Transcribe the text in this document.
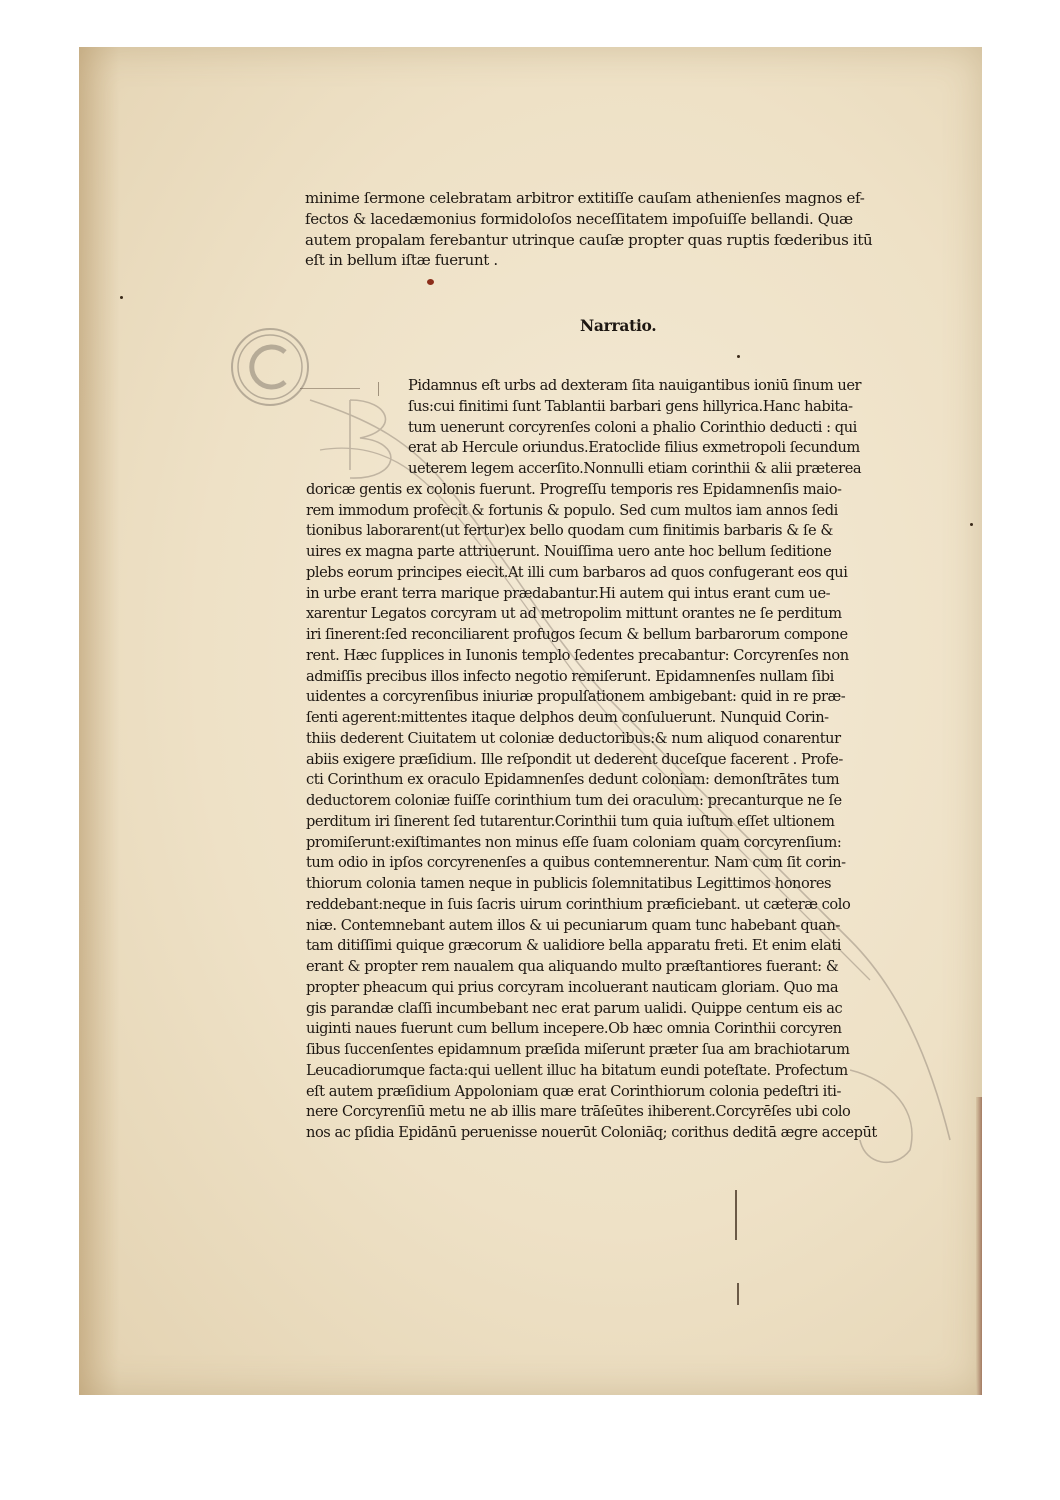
minime ſermone celebratam arbitror extitiſſe cauſam athenienſes magnos ef-

fectos & lacedæmonius formidoloſos neceſſitatem impoſuiſſe bellandi. Quæ

autem propalam ferebantur utrinque cauſæ propter quas ruptis fœderibus itū

eſt in bellum iſtæ fuerunt .

Narratio.

Pidamnus eſt urbs ad dexteram ſita nauigantibus ioniū ſinum uer

ſus:cui finitimi ſunt Tablantii barbari gens hillyrica.Hanc habita-

tum uenerunt corcyrenſes coloni a phalio Corinthio deducti : qui

erat ab Hercule oriundus.Eratoclide filius exmetropoli ſecundum

ueterem legem accerſito.Nonnulli etiam corinthii & alii præterea

doricæ gentis ex colonis fuerunt. Progreſſu temporis res Epidamnenſis maio-

rem immodum profecit & fortunis & populo. Sed cum multos iam annos ſedi

tionibus laborarent(ut fertur)ex bello quodam cum finitimis barbaris & ſe &

uires ex magna parte attriuerunt. Nouiſſima uero ante hoc bellum ſeditione

plebs eorum principes eiecit.At illi cum barbaros ad quos confugerant eos qui

in urbe erant terra marique prædabantur.Hi autem qui intus erant cum ue-

xarentur Legatos corcyram ut ad metropolim mittunt orantes ne ſe perditum

iri ſinerent:ſed reconciliarent profugos ſecum & bellum barbarorum compone

rent. Hæc ſupplices in Iunonis templo ſedentes precabantur: Corcyrenſes non

admiſſis precibus illos infecto negotio remiſerunt. Epidamnenſes nullam ſibi

uidentes a corcyrenſibus iniuriæ propulſationem ambigebant: quid in re præ-

ſenti agerent:mittentes itaque delphos deum conſuluerunt. Nunquid Corin-

thiis dederent Ciuitatem ut coloniæ deductoribus:& num aliquod conarentur

abiis exigere præſidium. Ille reſpondit ut dederent duceſque facerent . Profe-

cti Corinthum ex oraculo Epidamnenſes dedunt coloniam: demonſtrātes tum

deductorem coloniæ fuiſſe corinthium tum dei oraculum: precanturque ne ſe

perditum iri ſinerent ſed tutarentur.Corinthii tum quia iuſtum eſſet ultionem

promiſerunt:exiſtimantes non minus eſſe ſuam coloniam quam corcyrenſium:

tum odio in ipſos corcyrenenſes a quibus contemnerentur. Nam cum ſit corin-

thiorum colonia tamen neque in publicis ſolemnitatibus Legittimos honores

reddebant:neque in ſuis ſacris uirum corinthium præficiebant. ut cæteræ colo

niæ. Contemnebant autem illos & ui pecuniarum quam tunc habebant quan-

tam ditiſſimi quique græcorum & ualidiore bella apparatu freti. Et enim elati

erant & propter rem naualem qua aliquando multo præſtantiores fuerant: &

propter pheacum qui prius corcyram incoluerant nauticam gloriam. Quo ma

gis parandæ claſſi incumbebant nec erat parum ualidi. Quippe centum eis ac

uiginti naues fuerunt cum bellum incepere.Ob hæc omnia Corinthii corcyren

ſibus ſuccenſentes epidamnum præſida miſerunt præter ſua am brachiotarum

Leucadiorumque facta:qui uellent illuc ha bitatum eundi poteſtate. Profectum

eſt autem præſidium Appoloniam quæ erat Corinthiorum colonia pedeſtri iti-

nere Corcyrenſiū metu ne ab illis mare trāſeūtes ihiberent.Corcyrēſes ubi colo

nos ac pſidia Epidānū peruenisse nouerūt Coloniāq; corithus deditā ægre accepūt
